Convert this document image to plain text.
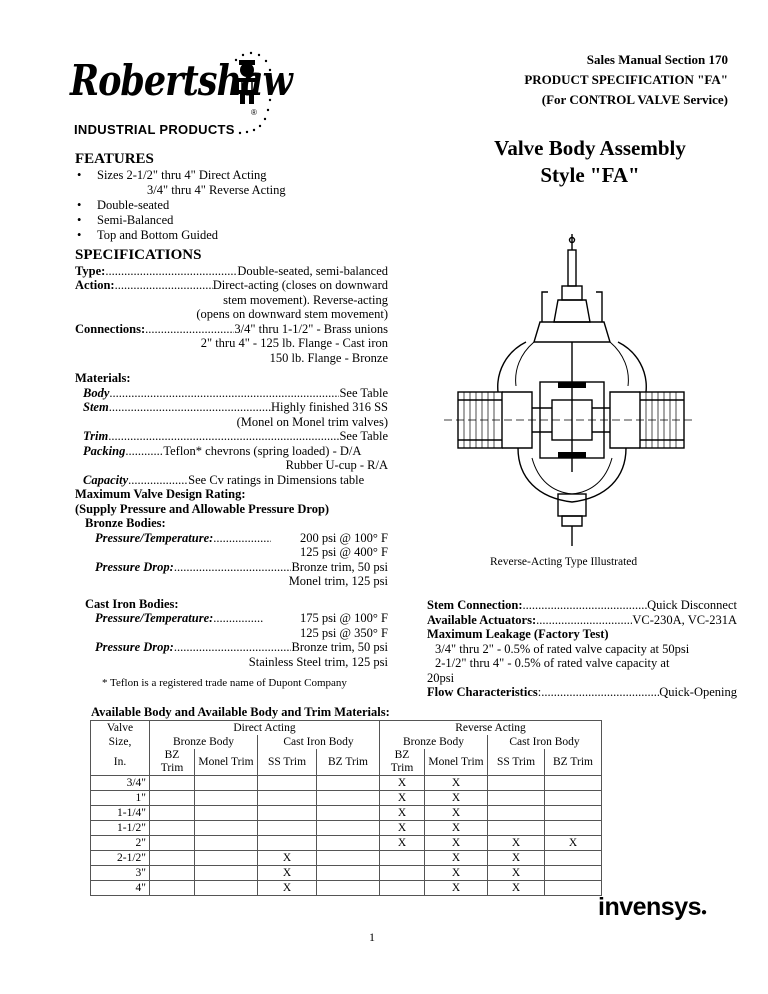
Sales Manual Section 170
PRODUCT SPECIFICATION "FA"
(For CONTROL VALVE Service)
Robertshaw
®
INDUSTRIAL PRODUCTS
Valve Body Assembly
Style "FA"
FEATURES
• Sizes 2-1/2" thru 4" Direct Acting
3/4" thru 4" Reverse Acting
• Double-seated
• Semi-Balanced
• Top and Bottom Guided
SPECIFICATIONS
Type: .....	Double-seated, semi-balanced
Action: .....	Direct-acting (closes on downward
stem movement). Reverse-acting
(opens on downward stem movement)
Connections: .....	3/4" thru 1-1/2" - Brass unions
2" thru 4" - 125 lb. Flange - Cast iron
150 lb. Flange - Bronze
Materials:
Body .....	See Table
Stem .....	Highly finished 316 SS
(Monel on Monel trim valves)
Trim .....	See Table
Packing .....	Teflon* chevrons (spring loaded) - D/A
Rubber U-cup - R/A
Capacity .....	See Cv ratings in Dimensions table
Maximum Valve Design Rating:
(Supply Pressure and Allowable Pressure Drop)
Bronze Bodies:
Pressure/Temperature: .....	200 psi @ 100° F
125 psi @ 400° F
Pressure Drop: .....	Bronze trim, 50 psi
Monel trim, 125 psi
Cast Iron Bodies:
Pressure/Temperature: .....	175 psi @ 100° F
125 psi @ 350° F
Pressure Drop: .....	Bronze trim, 50 psi
Stainless Steel trim, 125 psi
* Teflon is a registered trade name of Dupont Company
Reverse-Acting Type Illustrated
Stem Connection: .....	Quick Disconnect
Available Actuators: .....	VC-230A, VC-231A
Maximum Leakage (Factory Test)
3/4" thru 2" - 0.5% of rated valve capacity at 50psi
2-1/2" thru 4" - 0.5% of rated valve capacity at
20psi
Flow Characteristics : .....	Quick-Opening
Available Body and Available Body and Trim Materials:
Valve	Direct Acting				Reverse Acting			
Size,	Bronze Body		Cast Iron Body		Bronze Body		Cast Iron Body	
In.	BZ Trim	Monel Trim	SS Trim	BZ Trim	BZ Trim	Monel Trim	SS Trim	BZ Trim
3/4"					X	X		
1"					X	X		
1-1/4"					X	X		
1-1/2"					X	X		
2"					X	X	X	X
2-1/2"			X			X	X	
3"			X			X	X	
4"			X			X	X	
1
invensys●
